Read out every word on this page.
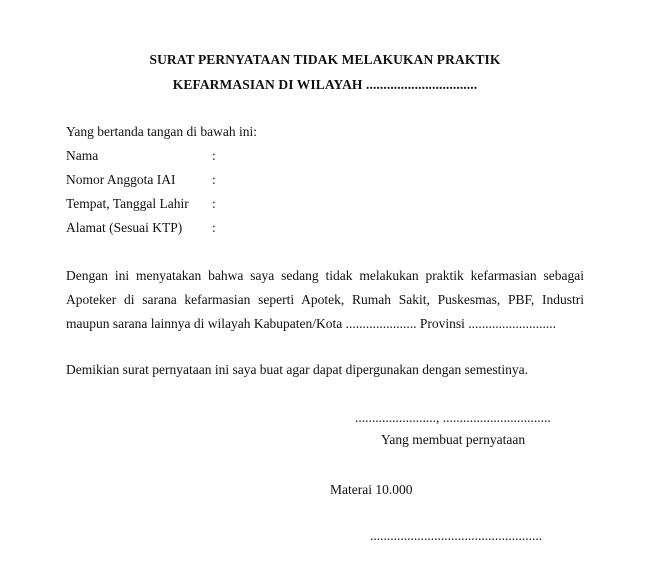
SURAT PERNYATAAN TIDAK MELAKUKAN PRAKTIK
KEFARMASIAN DI WILAYAH ................................
Yang bertanda tangan di bawah ini:
Nama	:
Nomor Anggota IAI	:
Tempat, Tanggal Lahir :
Alamat (Sesuai KTP) :
Dengan ini menyatakan bahwa saya sedang tidak melakukan praktik kefarmasian sebagai
Apoteker di sarana kefarmasian seperti Apotek, Rumah Sakit, Puskesmas, PBF, Industri
maupun sarana lainnya di wilayah Kabupaten/Kota ..................... Provinsi ..........................
Demikian surat pernyataan ini saya buat agar dapat dipergunakan dengan semestinya.
........................, ................................
Yang membuat pernyataan
Materai 10.000
...................................................
